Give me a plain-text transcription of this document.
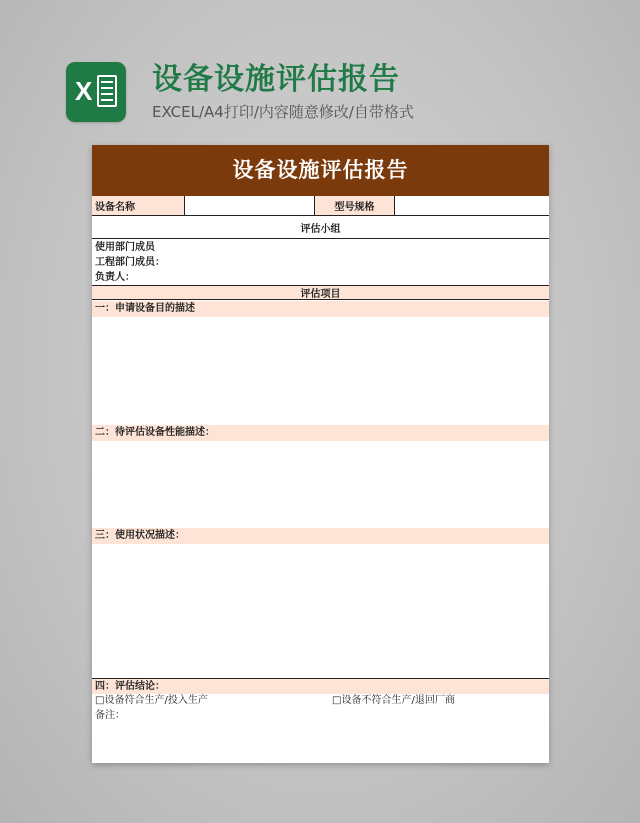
X 设备设施评估报告

EXCEL/A4打印/内容随意修改/自带格式

设备设施评估报告
设备名称	型号规格
评估小组
使用部门成员
工程部门成员：
负责人：
评估项目
一：申请设备目的描述
二：待评估设备性能描述：
三：使用状况描述：
四：评估结论：
□设备符合生产/投入生产	□设备不符合生产/退回厂商
备注：
